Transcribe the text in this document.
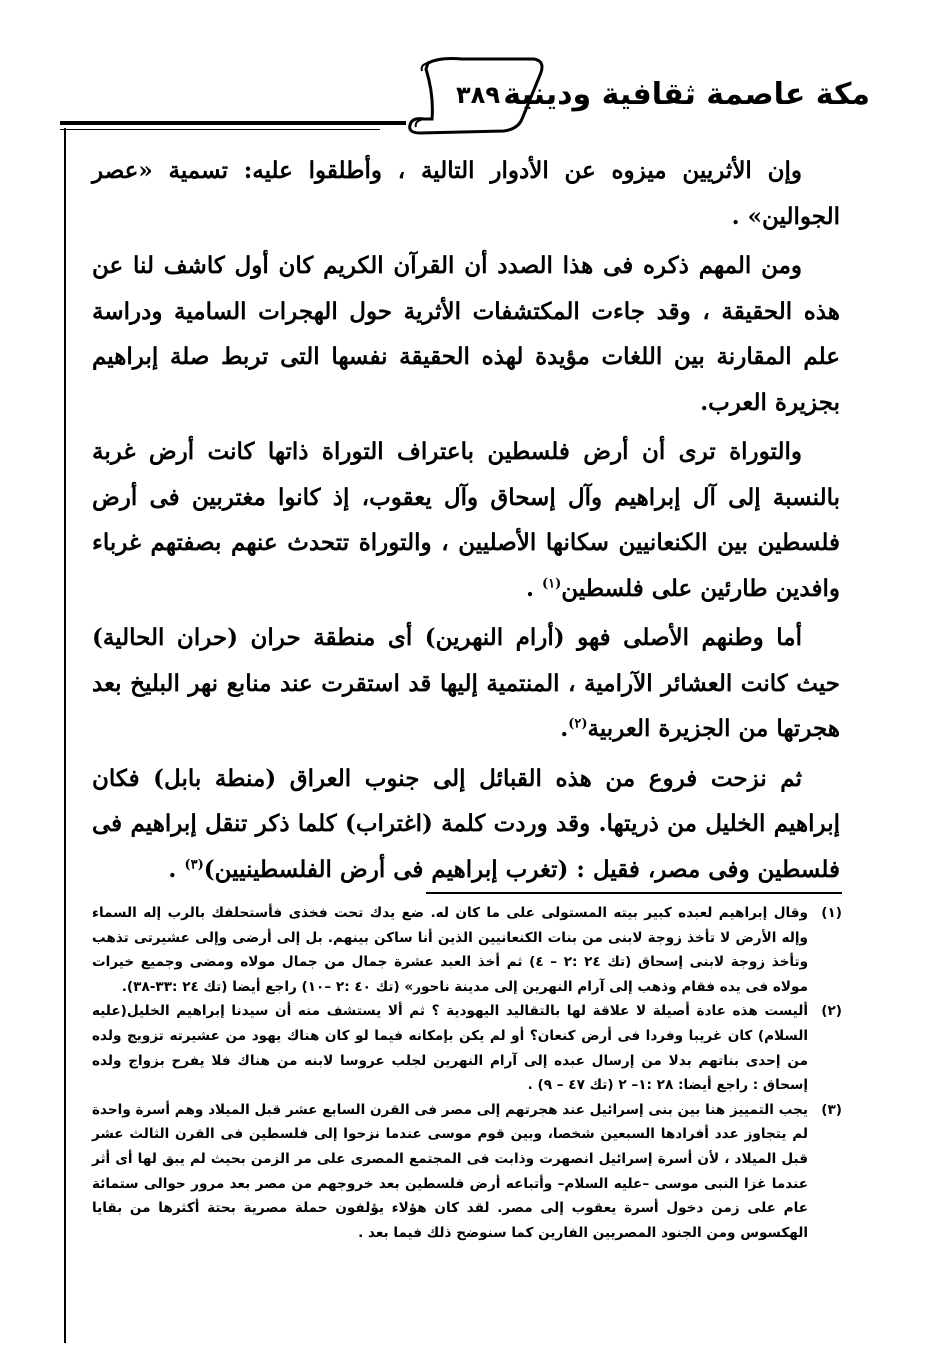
٣٨٩ مكة عاصمة ثقافية ودينية

وإن الأثريين ميزوه عن الأدوار التالية ، وأطلقوا عليه: تسمية «عصر الجوالين» .

ومن المهم ذكره فى هذا الصدد أن القرآن الكريم كان أول كاشف لنا عن هذه الحقيقة ، وقد جاءت المكتشفات الأثرية حول الهجرات السامية ودراسة علم المقارنة بين اللغات مؤيدة لهذه الحقيقة نفسها التى تربط صلة إبراهيم بجزيرة العرب.

والتوراة ترى أن أرض فلسطين باعتراف التوراة ذاتها كانت أرض غربة بالنسبة إلى آل إبراهيم وآل إسحاق وآل يعقوب، إذ كانوا مغتربين فى أرض فلسطين بين الكنعانيين سكانها الأصليين ، والتوراة تتحدث عنهم بصفتهم غرباء وافدين طارئين على فلسطين$^{(١)}$ .

أما وطنهم الأصلى فهو (أرام النهرين) أى منطقة حران (حران الحالية) حيث كانت العشائر الآرامية ، المنتمية إليها قد استقرت عند منابع نهر البليخ بعد هجرتها من الجزيرة العربية$^{(٢)}$.

ثم نزحت فروع من هذه القبائل إلى جنوب العراق (منطة بابل) فكان إبراهيم الخليل من ذريتها. وقد وردت كلمة (اغتراب) كلما ذكر تنقل إبراهيم فى فلسطين وفى مصر، فقيل : (تغرب إبراهيم فى أرض الفلسطينيين)$^{(٣)}$ .

(١)
وقال إبراهيم لعبده كبير بيته المستولى على ما كان له. ضع يدك تحت فخذى فأستحلفك بالرب إله السماء وإله الأرض لا تأخذ زوجة لابنى من بنات الكنعانيين الذين أنا ساكن بينهم. بل إلى أرضى وإلى عشيرتى تذهب وتأخذ زوجة لابنى إسحاق (تك ٢٤ :٢ – ٤) ثم أخذ العبد عشرة جمال من جمال مولاه ومضى وجميع خيرات مولاه فى يده فقام وذهب إلى آرام النهرين إلى مدينة ناحور» (تك ٤٠ :٢ –١٠) راجع أيضا (تك ٢٤ :٣٣-٣٨).

(٢)
أليست هذه عادة أصيلة لا علاقة لها بالتقاليد اليهودية ؟ ثم ألا يستشف منه أن سيدنا إبراهيم الخليل(عليه السلام) كان غريبا وفردا فى أرض كنعان؟ أو لم يكن بإمكانه فيما لو كان هناك يهود من عشيرته تزويج ولده من إحدى بناتهم بدلا من إرسال عبده إلى آرام النهرين لجلب عروسا لابنه من هناك فلا يفرح بزواج ولده إسحاق : راجع أيضا: ٢٨ :١– ٢ (تك ٤٧ – ٩) .

(٣)
يجب التمييز هنا بين بنى إسرائيل عند هجرتهم إلى مصر فى القرن السابع عشر قبل الميلاد وهم أسرة واحدة لم يتجاوز عدد أفرادها السبعين شخصا، وبين قوم موسى عندما نزحوا إلى فلسطين فى القرن الثالث عشر قبل الميلاد ، لأن أسرة إسرائيل انصهرت وذابت فى المجتمع المصرى على مر الزمن بحيث لم يبق لها أى أثر عندما غزا النبى موسى –عليه السلام– وأتباعه أرض فلسطين بعد خروجهم من مصر بعد مرور حوالى ستمائة عام على زمن دخول أسرة يعقوب إلى مصر. لقد كان هؤلاء يؤلفون حملة مصرية بحتة أكثرها من بقايا الهكسوس ومن الجنود المصريين الفارين كما سنوضح ذلك فيما بعد .
